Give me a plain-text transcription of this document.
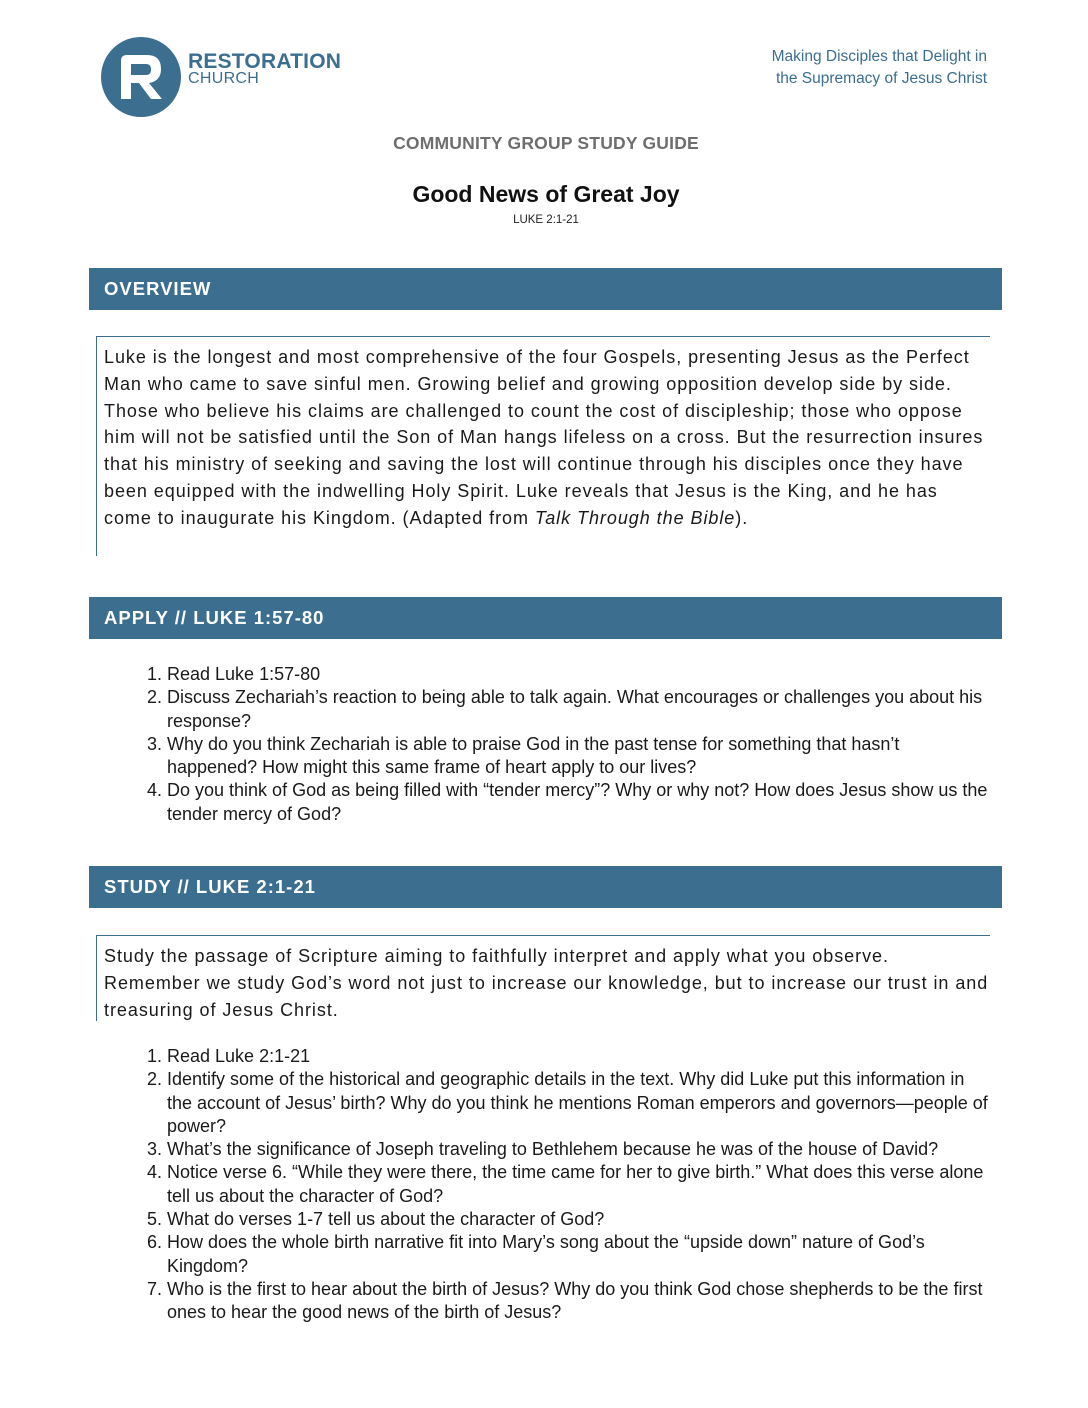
RESTORATION
CHURCH
Making Disciples that Delight in
the Supremacy of Jesus Christ
COMMUNITY GROUP STUDY GUIDE
Good News of Great Joy
LUKE 2:1-21
OVERVIEW
Luke is the longest and most comprehensive of the four Gospels, presenting Jesus as the Perfect Man who came to save sinful men. Growing belief and growing opposition develop side by side. Those who believe his claims are challenged to count the cost of discipleship; those who oppose him will not be satisfied until the Son of Man hangs lifeless on a cross. But the resurrection insures that his ministry of seeking and saving the lost will continue through his disciples once they have been equipped with the indwelling Holy Spirit. Luke reveals that Jesus is the King, and he has come to inaugurate his Kingdom. (Adapted from Talk Through the Bible).
APPLY // LUKE 1:57-80
1. Read Luke 1:57-80
2. Discuss Zechariah’s reaction to being able to talk again. What encourages or challenges you about his response?
3. Why do you think Zechariah is able to praise God in the past tense for something that hasn’t happened? How might this same frame of heart apply to our lives?
4. Do you think of God as being filled with “tender mercy”? Why or why not? How does Jesus show us the tender mercy of God?
STUDY // LUKE 2:1-21
Study the passage of Scripture aiming to faithfully interpret and apply what you observe. Remember we study God’s word not just to increase our knowledge, but to increase our trust in and treasuring of Jesus Christ.
1. Read Luke 2:1-21
2. Identify some of the historical and geographic details in the text. Why did Luke put this information in the account of Jesus’ birth? Why do you think he mentions Roman emperors and governors—people of power?
3. What’s the significance of Joseph traveling to Bethlehem because he was of the house of David?
4. Notice verse 6. “While they were there, the time came for her to give birth.” What does this verse alone tell us about the character of God?
5. What do verses 1-7 tell us about the character of God?
6. How does the whole birth narrative fit into Mary’s song about the “upside down” nature of God’s Kingdom?
7. Who is the first to hear about the birth of Jesus? Why do you think God chose shepherds to be the first ones to hear the good news of the birth of Jesus?
